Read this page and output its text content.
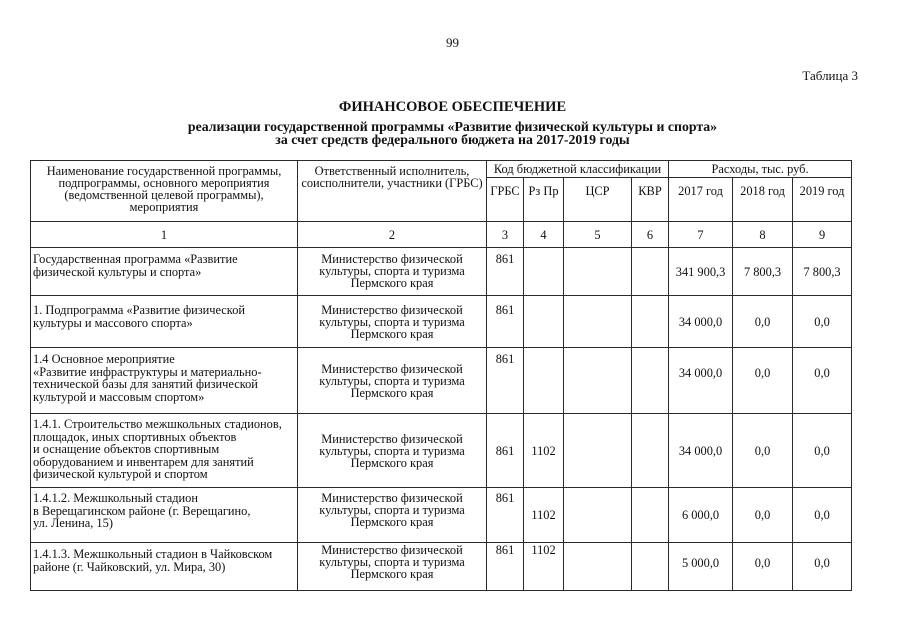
99
Таблица 3
ФИНАНСОВОЕ ОБЕСПЕЧЕНИЕ
реализации государственной программы «Развитие физической культуры и спорта»
за счет средств федерального бюджета на 2017-2019 годы
Наименование государственной программы,
подпрограммы, основного мероприятия
(ведомственной целевой программы),
мероприятия	Ответственный исполнитель,
соисполнители, участники (ГРБС)	Код бюджетной классификации				Расходы, тыс. руб.		
		ГРБС	Рз Пр	ЦСР	КВР	2017 год	2018 год	2019 год
1	2	3	4	5	6	7	8	9

Государственная программа «Развитие
физической культуры и спорта»	Министерство физической
культуры, спорта и туризма
Пермского края	861				341 900,3	7 800,3	7 800,3

1. Подпрограмма «Развитие физической
культуры и массового спорта»	Министерство физической
культуры, спорта и туризма
Пермского края	861				34 000,0	0,0	0,0

1.4 Основное мероприятие
«Развитие инфраструктуры и материально-
технической базы для занятий физической
культурой и массовым спортом»	Министерство физической
культуры, спорта и туризма
Пермского края	861				34 000,0	0,0	0,0

1.4.1. Строительство межшкольных стадионов,
площадок, иных спортивных объектов
и оснащение объектов спортивным
оборудованием и инвентарем для занятий
физической культурой и спортом	Министерство физической
культуры, спорта и туризма
Пермского края	861	1102			34 000,0	0,0	0,0

1.4.1.2. Межшкольный стадион
в Верещагинском районе (г. Верещагино,
ул. Ленина, 15)	Министерство физической
культуры, спорта и туризма
Пермского края	861	1102			6 000,0	0,0	0,0

1.4.1.3. Межшкольный стадион в Чайковском
районе (г. Чайковский, ул. Мира, 30)	Министерство физической
культуры, спорта и туризма
Пермского края	861	1102			5 000,0	0,0	0,0
